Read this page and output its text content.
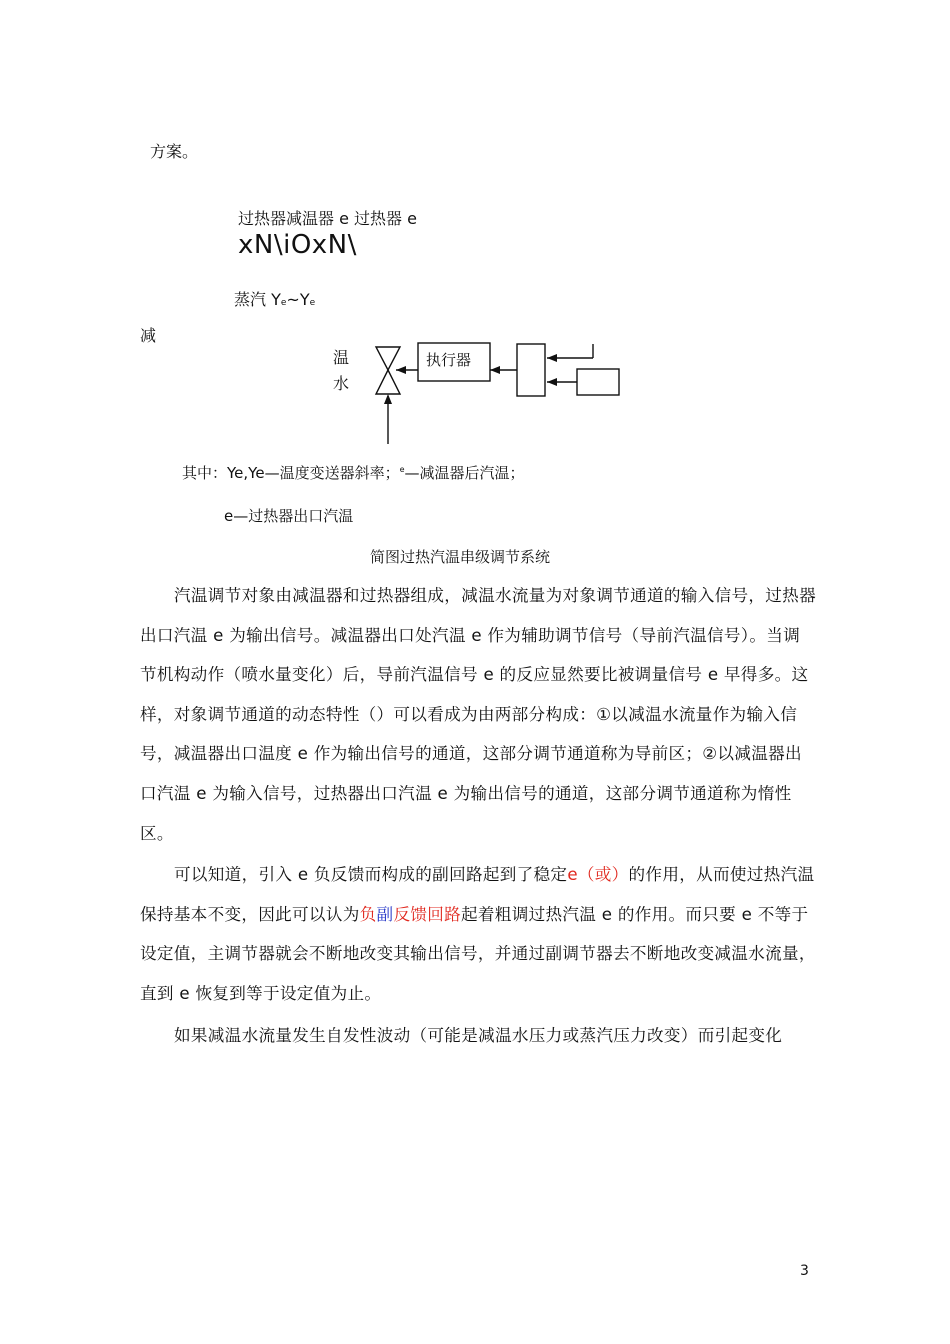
方案。
过热器减温器 e 过热器 e
xN\iOxN\
蒸汽 Ye~Ye
减
温
水
执行器
其中：Ye,Ye—温度变送器斜率；$^e$—减温器后汽温；
e—过热器出口汽温
简图过热汽温串级调节系统
汽温调节对象由减温器和过热器组成，减温水流量为对象调节通道的输入信号，过热器出口汽温 e 为输出信号。减温器出口处汽温 e 作为辅助调节信号（导前汽温信号）。当调节机构动作（喷水量变化）后，导前汽温信号 e 的反应显然要比被调量信号 e 早得多。这样，对象调节通道的动态特性（）可以看成为由两部分构成：①以减温水流量作为输入信号，减温器出口温度 e 作为输出信号的通道，这部分调节通道称为导前区；②以减温器出口汽温 e 为输入信号，过热器出口汽温 e 为输出信号的通道，这部分调节通道称为惰性区。
可以知道，引入 e 负反馈而构成的副回路起到了稳定e（或）的作用，从而使过热汽温保持基本不变，因此可以认为负副反馈回路起着粗调过热汽温 e 的作用。而只要 e 不等于设定值，主调节器就会不断地改变其输出信号，并通过副调节器去不断地改变减温水流量，直到 e 恢复到等于设定值为止。
如果减温水流量发生自发性波动（可能是减温水压力或蒸汽压力改变）而引起变化
3
